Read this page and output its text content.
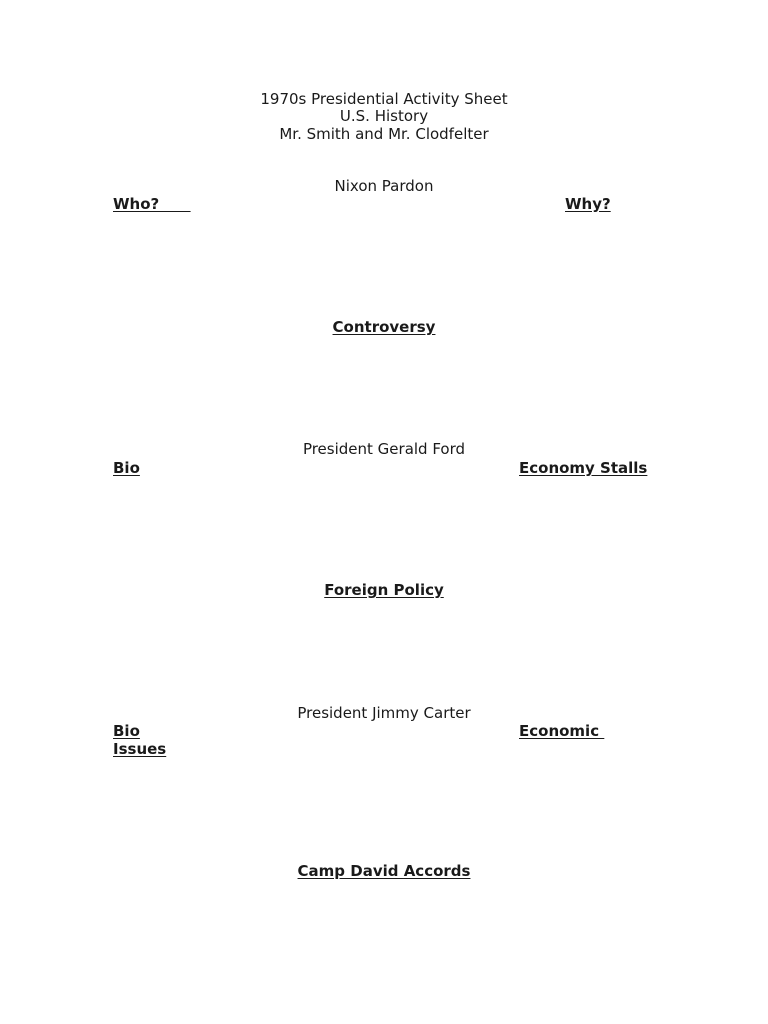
1970s Presidential Activity Sheet
U.S. History
Mr. Smith and Mr. Clodfelter
Nixon Pardon
Who?	Why?
Controversy
President Gerald Ford
Bio	Economy Stalls
Foreign Policy
President Jimmy Carter
Bio	Economic
Issues
Camp David Accords
